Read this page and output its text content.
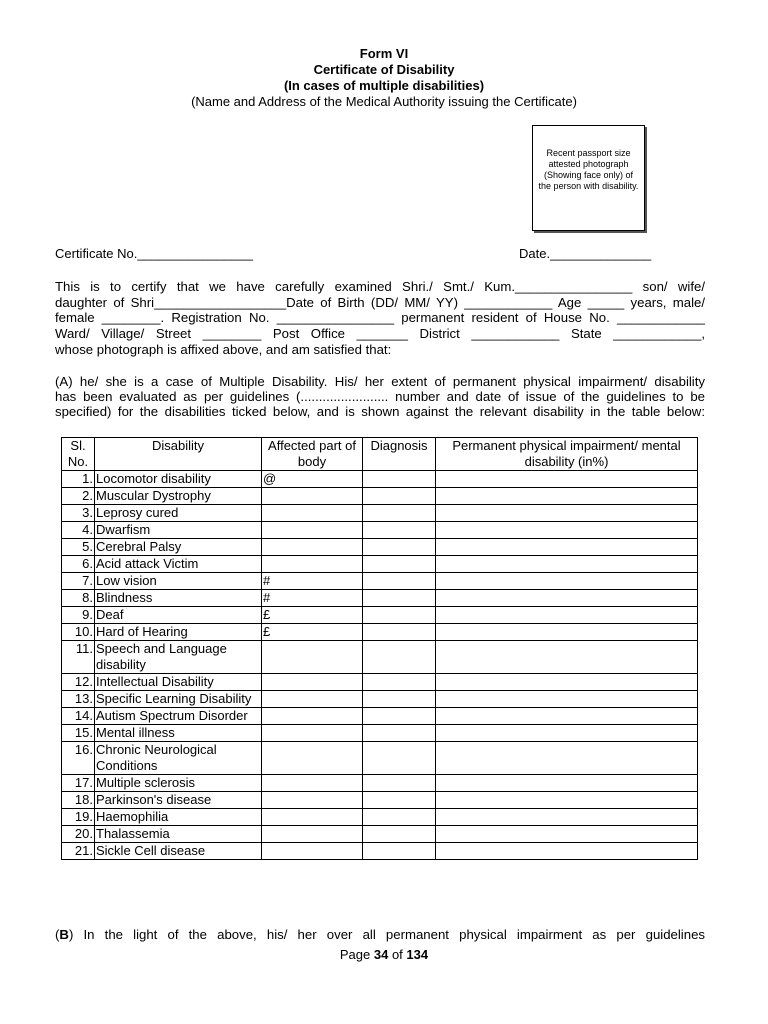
Form VI
Certificate of Disability
(In cases of multiple disabilities)
(Name and Address of the Medical Authority issuing the Certificate)
Recent passport size attested photograph (Showing face only) of the person with disability.
Certificate No.________________	Date.______________
This is to certify that we have carefully examined Shri./ Smt./ Kum.________________ son/ wife/
daughter of Shri__________________Date of Birth (DD/ MM/ YY) ____________ Age _____ years, male/
female ________. Registration No. ________________ permanent resident of House No. ____________
Ward/ Village/ Street ________ Post Office _______ District ____________ State ____________,
whose photograph is affixed above, and am satisfied that:
(A) he/ she is a case of Multiple Disability. His/ her extent of permanent physical impairment/ disability
has been evaluated as per guidelines (........................ number and date of issue of the guidelines to be
specified) for the disabilities ticked below, and is shown against the relevant disability in the table below:
Sl. No.	Disability	Affected part of body	Diagnosis	Permanent physical impairment/ mental disability (in%)
1.	Locomotor disability	@		
2.	Muscular Dystrophy			
3.	Leprosy cured			
4.	Dwarfism			
5.	Cerebral Palsy			
6.	Acid attack Victim			
7.	Low vision	#		
8.	Blindness	#		
9.	Deaf	£		
10.	Hard of Hearing	£		
11.	Speech and Language disability			
12.	Intellectual Disability			
13.	Specific Learning Disability			
14.	Autism Spectrum Disorder			
15.	Mental illness			
16.	Chronic Neurological Conditions			
17.	Multiple sclerosis			
18.	Parkinson's disease			
19.	Haemophilia			
20.	Thalassemia			
21.	Sickle Cell disease			
(B) In the light of the above, his/ her over all permanent physical impairment as per guidelines
Page 34 of 134
